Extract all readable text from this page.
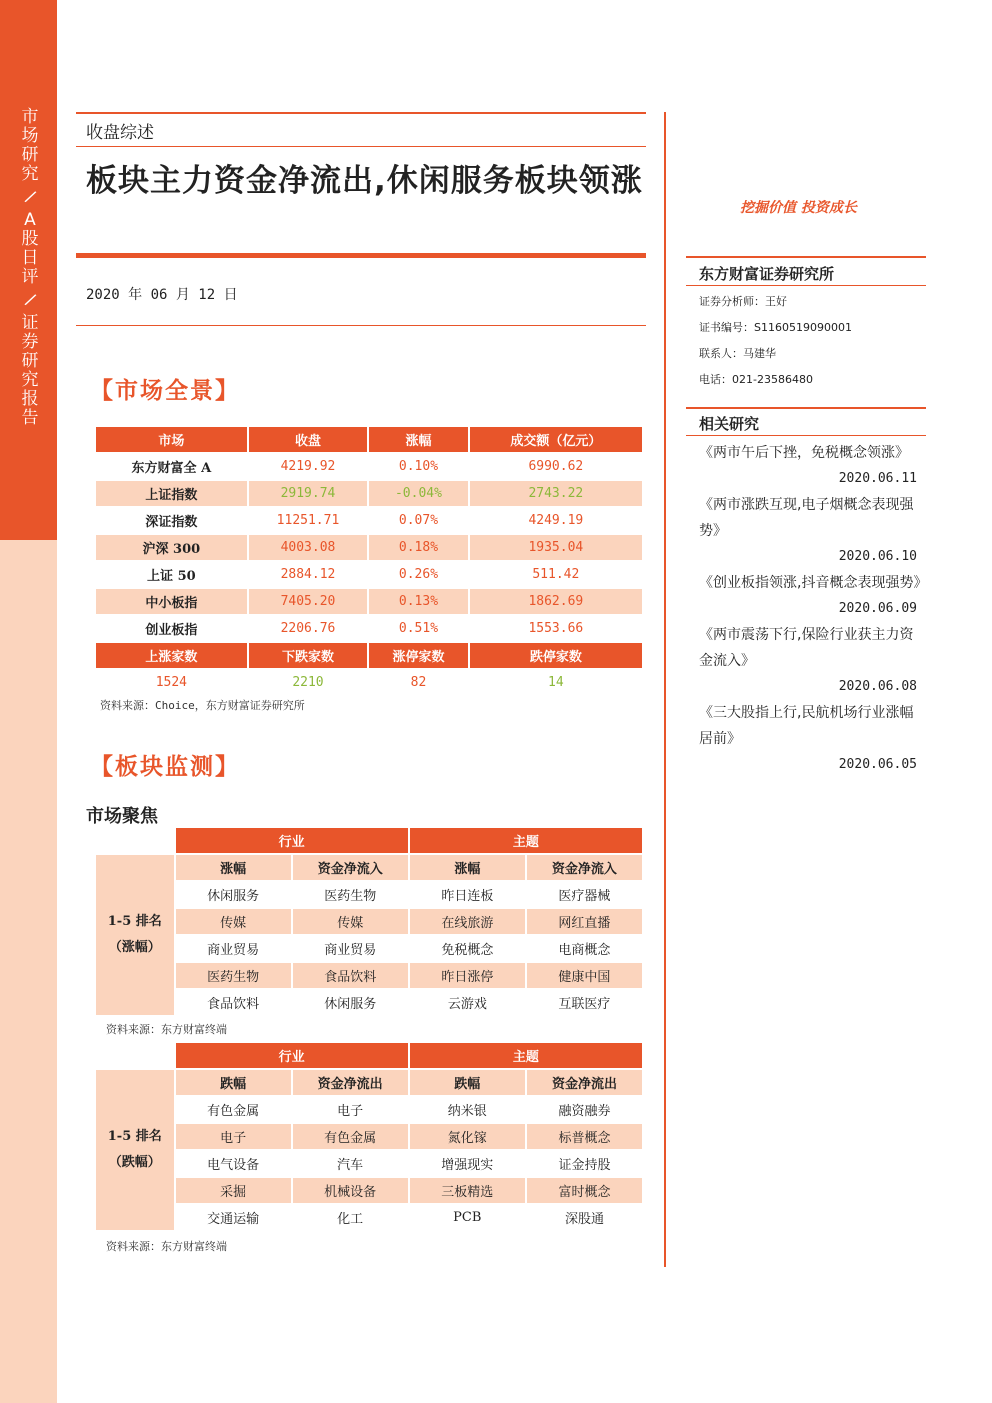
市
场
研
究
/
A
股
日
评
/
证
券
研
究
报
告
收盘综述
板块主力资金净流出,休闲服务板块领涨
2020 年 06 月 12 日
【市场全景】
市场	收盘	涨幅	成交额（亿元）
东方财富全 A	4219.92	0.10%	6990.62
上证指数	2919.74	-0.04%	2743.22
深证指数	11251.71	0.07%	4249.19
沪深 300	4003.08	0.18%	1935.04
上证 50	2884.12	0.26%	511.42
中小板指	7405.20	0.13%	1862.69
创业板指	2206.76	0.51%	1553.66
上涨家数	下跌家数	涨停家数	跌停家数
1524	2210	82	14
资料来源：Choice，东方财富证券研究所
【板块监测】
市场聚焦
	行业		主题	
1-5 排名
（涨幅）	涨幅	资金净流入	涨幅	资金净流入
	休闲服务	医药生物	昨日连板	医疗器械
	传媒	传媒	在线旅游	网红直播
	商业贸易	商业贸易	免税概念	电商概念
	医药生物	食品饮料	昨日涨停	健康中国
	食品饮料	休闲服务	云游戏	互联医疗
资料来源：东方财富终端
	行业		主题	
1-5 排名
（跌幅）	跌幅	资金净流出	跌幅	资金净流出
	有色金属	电子	纳米银	融资融券
	电子	有色金属	氮化镓	标普概念
	电气设备	汽车	增强现实	证金持股
	采掘	机械设备	三板精选	富时概念
	交通运输	化工	PCB	深股通
资料来源：东方财富终端
挖掘价值 投资成长
东方财富证券研究所
证券分析师：王好
证书编号：S1160519090001
联系人：马建华
电话：021-23586480
相关研究
《两市午后下挫，免税概念领涨》
2020.06.11
《两市涨跌互现,电子烟概念表现强势》
2020.06.10
《创业板指领涨,抖音概念表现强势》
2020.06.09
《两市震荡下行,保险行业获主力资金流入》
2020.06.08
《三大股指上行,民航机场行业涨幅居前》
2020.06.05
